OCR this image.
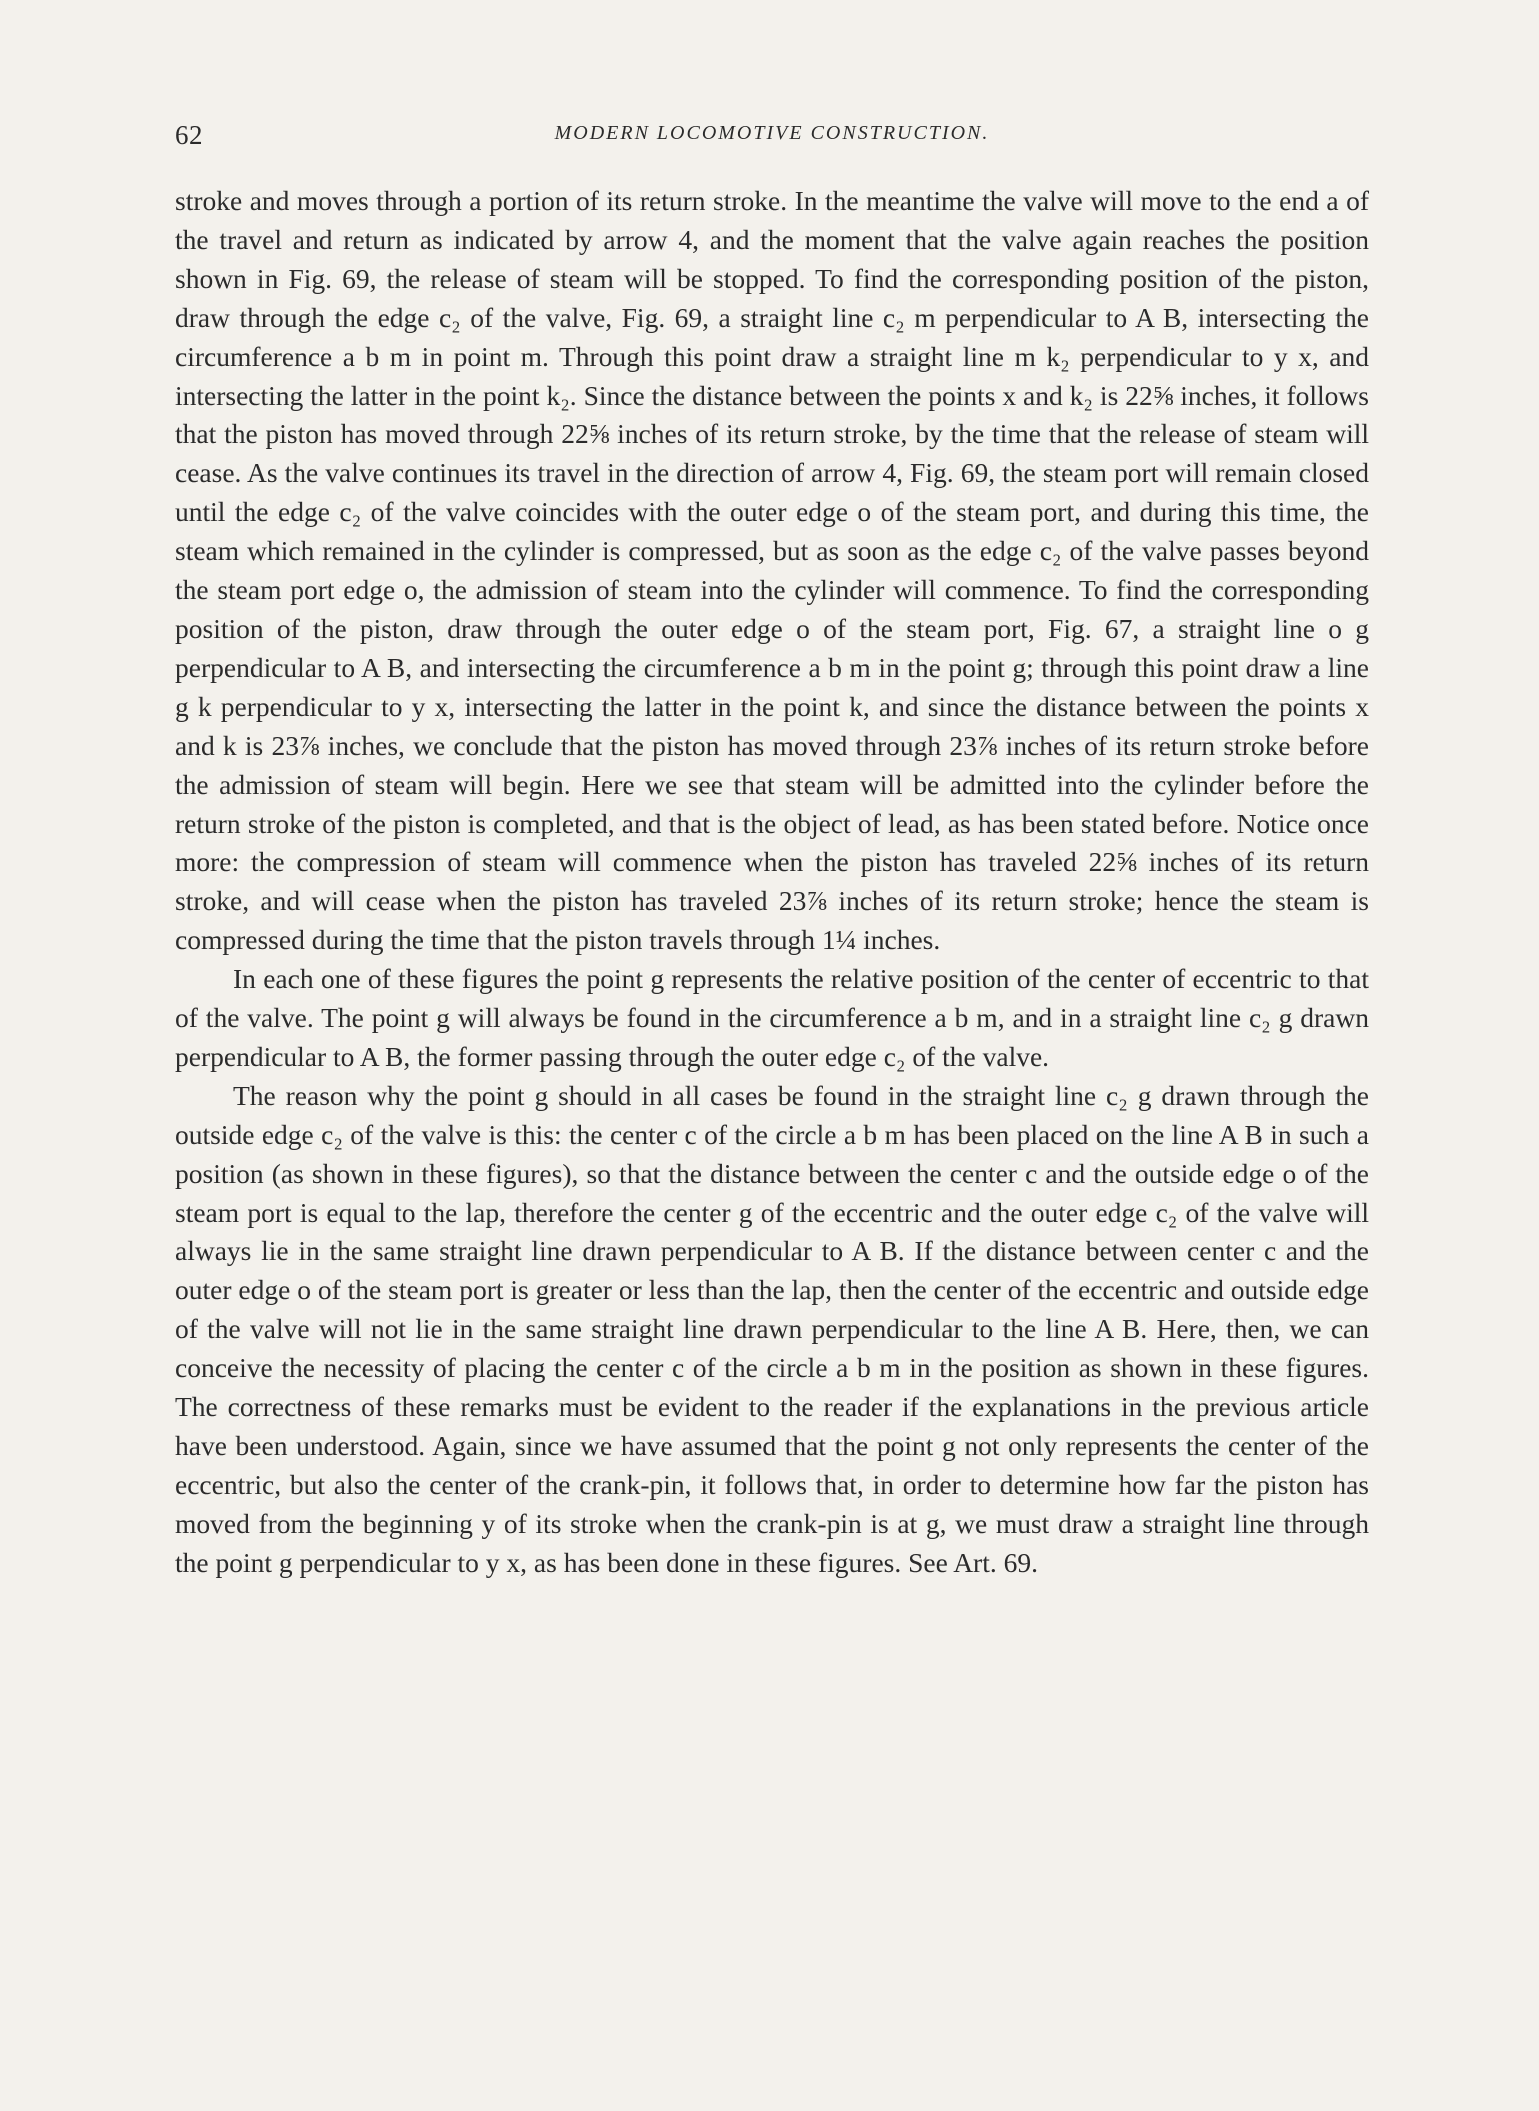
62	MODERN LOCOMOTIVE CONSTRUCTION.

stroke and moves through a portion of its return stroke. In the meantime the valve will move to the end a of the travel and return as indicated by arrow 4, and the moment that the valve again reaches the position shown in Fig. 69, the release of steam will be stopped. To find the corresponding position of the piston, draw through the edge c₂ of the valve, Fig. 69, a straight line c₂ m perpendicular to A B, intersecting the circumference a b m in point m. Through this point draw a straight line m k₂ perpendicular to y x, and intersecting the latter in the point k₂. Since the distance between the points x and k₂ is 22⅝ inches, it follows that the piston has moved through 22⅝ inches of its return stroke, by the time that the release of steam will cease. As the valve continues its travel in the direction of arrow 4, Fig. 69, the steam port will remain closed until the edge c₂ of the valve coincides with the outer edge o of the steam port, and during this time, the steam which remained in the cylinder is compressed, but as soon as the edge c₂ of the valve passes beyond the steam port edge o, the admission of steam into the cylinder will commence. To find the corresponding position of the piston, draw through the outer edge o of the steam port, Fig. 67, a straight line o g perpendicular to A B, and intersecting the circumference a b m in the point g; through this point draw a line g k perpendicular to y x, intersecting the latter in the point k, and since the distance between the points x and k is 23⅞ inches, we conclude that the piston has moved through 23⅞ inches of its return stroke before the admission of steam will begin. Here we see that steam will be admitted into the cylinder before the return stroke of the piston is completed, and that is the object of lead, as has been stated before. Notice once more: the compression of steam will commence when the piston has traveled 22⅝ inches of its return stroke, and will cease when the piston has traveled 23⅞ inches of its return stroke; hence the steam is compressed during the time that the piston travels through 1¼ inches.

In each one of these figures the point g represents the relative position of the center of eccentric to that of the valve. The point g will always be found in the circumference a b m, and in a straight line c₂ g drawn perpendicular to A B, the former passing through the outer edge c₂ of the valve.

The reason why the point g should in all cases be found in the straight line c₂ g drawn through the outside edge c₂ of the valve is this: the center c of the circle a b m has been placed on the line A B in such a position (as shown in these figures), so that the distance between the center c and the outside edge o of the steam port is equal to the lap, therefore the center g of the eccentric and the outer edge c₂ of the valve will always lie in the same straight line drawn perpendicular to A B. If the distance between center c and the outer edge o of the steam port is greater or less than the lap, then the center of the eccentric and outside edge of the valve will not lie in the same straight line drawn perpendicular to the line A B. Here, then, we can conceive the necessity of placing the center c of the circle a b m in the position as shown in these figures. The correctness of these remarks must be evident to the reader if the explanations in the previous article have been understood. Again, since we have assumed that the point g not only represents the center of the eccentric, but also the center of the crank-pin, it follows that, in order to determine how far the piston has moved from the beginning y of its stroke when the crank-pin is at g, we must draw a straight line through the point g perpendicular to y x, as has been done in these figures. See Art. 69.
